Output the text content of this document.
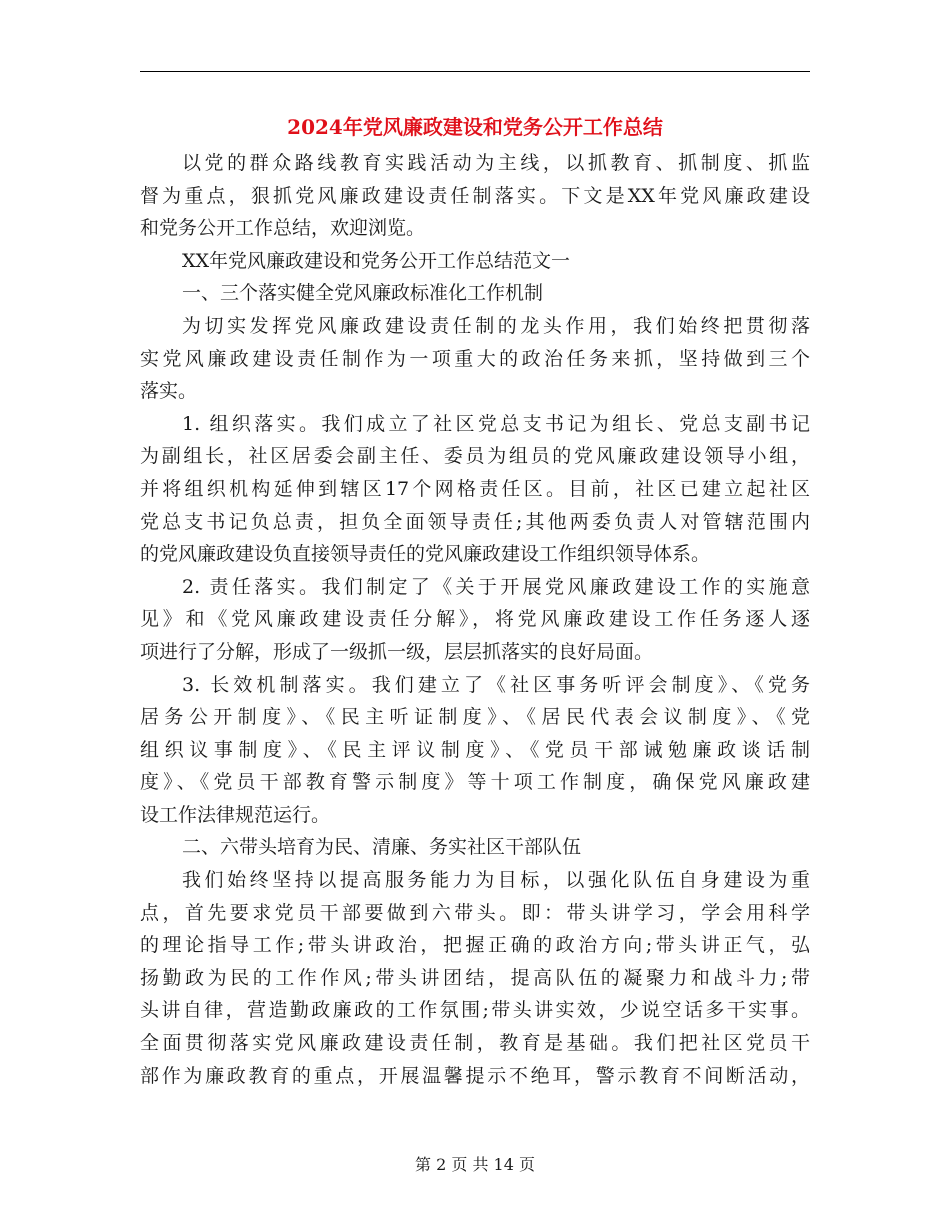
2024年党风廉政建设和党务公开工作总结
以党的群众路线教育实践活动为主线，以抓教育、抓制度、抓监
督为重点，狠抓党风廉政建设责任制落实。下文是XX年党风廉政建设
和党务公开工作总结，欢迎浏览。
XX年党风廉政建设和党务公开工作总结范文一
一、三个落实健全党风廉政标准化工作机制
为切实发挥党风廉政建设责任制的龙头作用，我们始终把贯彻落
实党风廉政建设责任制作为一项重大的政治任务来抓，坚持做到三个
落实。
1. 组织落实。我们成立了社区党总支书记为组长、党总支副书记
为副组长，社区居委会副主任、委员为组员的党风廉政建设领导小组，
并将组织机构延伸到辖区17个网格责任区。目前，社区已建立起社区
党总支书记负总责，担负全面领导责任;其他两委负责人对管辖范围内
的党风廉政建设负直接领导责任的党风廉政建设工作组织领导体系。
2. 责任落实。我们制定了《关于开展党风廉政建设工作的实施意
见》和《党风廉政建设责任分解》，将党风廉政建设工作任务逐人逐
项进行了分解，形成了一级抓一级，层层抓落实的良好局面。
3. 长效机制落实。我们建立了《社区事务听评会制度》、《党务
居务公开制度》、《民主听证制度》、《居民代表会议制度》、《党
组织议事制度》、《民主评议制度》、《党员干部诫勉廉政谈话制
度》、《党员干部教育警示制度》等十项工作制度，确保党风廉政建
设工作法律规范运行。
二、六带头培育为民、清廉、务实社区干部队伍
我们始终坚持以提高服务能力为目标，以强化队伍自身建设为重
点，首先要求党员干部要做到六带头。即：带头讲学习，学会用科学
的理论指导工作;带头讲政治，把握正确的政治方向;带头讲正气，弘
扬勤政为民的工作作风;带头讲团结，提高队伍的凝聚力和战斗力;带
头讲自律，营造勤政廉政的工作氛围;带头讲实效，少说空话多干实事。
全面贯彻落实党风廉政建设责任制，教育是基础。我们把社区党员干
部作为廉政教育的重点，开展温馨提示不绝耳，警示教育不间断活动，
第 2 页 共 14 页
